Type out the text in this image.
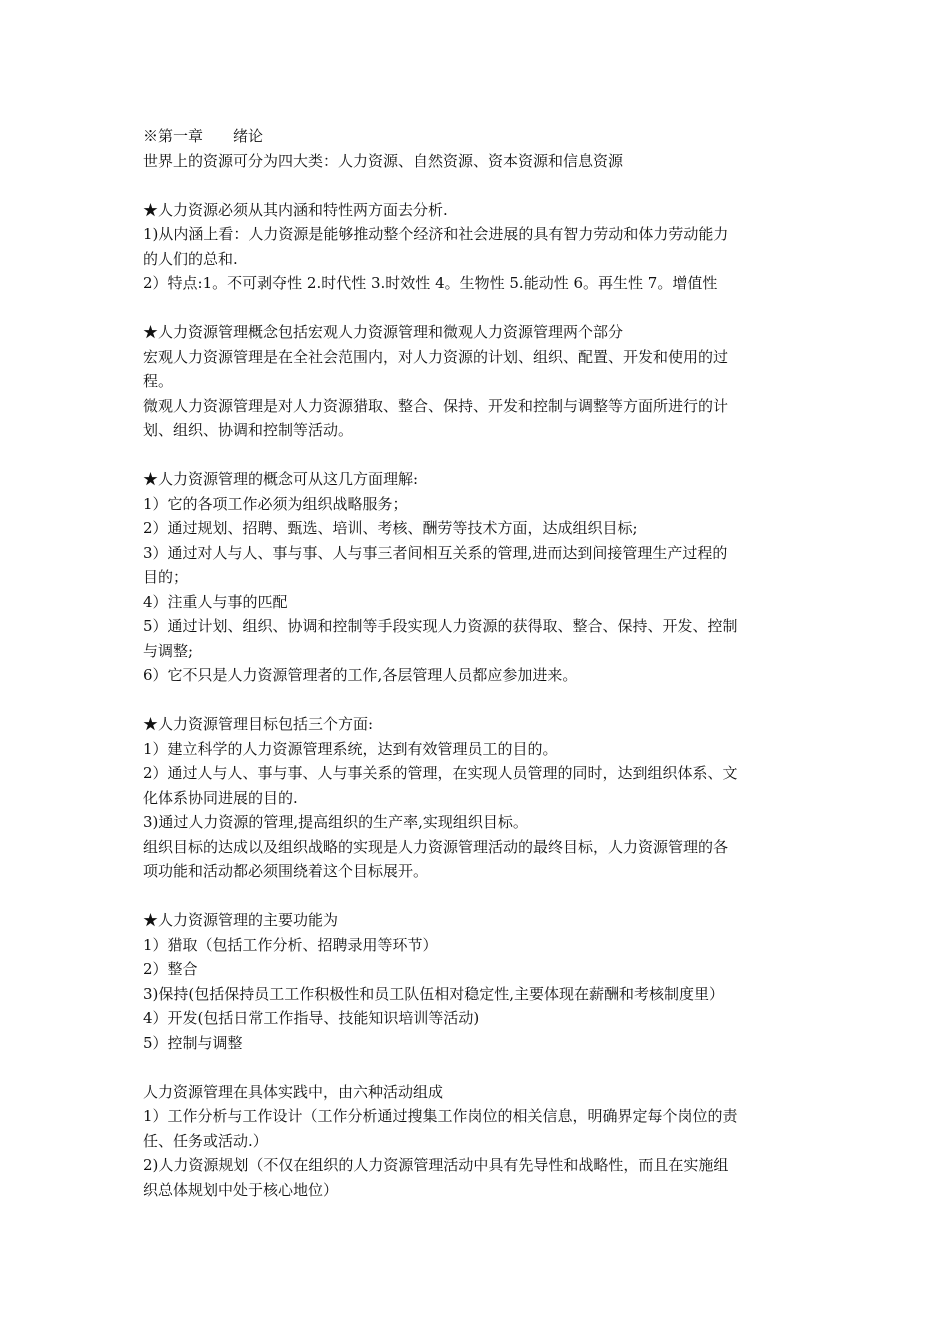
※第一章　　绪论

世界上的资源可分为四大类：人力资源、自然资源、资本资源和信息资源

★人力资源必须从其内涵和特性两方面去分析.

1)从内涵上看：人力资源是能够推动整个经济和社会进展的具有智力劳动和体力劳动能力

的人们的总和.

2）特点:1。不可剥夺性 2.时代性 3.时效性 4。生物性 5.能动性 6。再生性 7。增值性

★人力资源管理概念包括宏观人力资源管理和微观人力资源管理两个部分

宏观人力资源管理是在全社会范围内，对人力资源的计划、组织、配置、开发和使用的过

程。

微观人力资源管理是对人力资源猎取、整合、保持、开发和控制与调整等方面所进行的计

划、组织、协调和控制等活动。

★人力资源管理的概念可从这几方面理解:

1）它的各项工作必须为组织战略服务；

2）通过规划、招聘、甄选、培训、考核、酬劳等技术方面，达成组织目标;

3）通过对人与人、事与事、人与事三者间相互关系的管理,进而达到间接管理生产过程的

目的；

4）注重人与事的匹配

5）通过计划、组织、协调和控制等手段实现人力资源的获得取、整合、保持、开发、控制

与调整;

6）它不只是人力资源管理者的工作,各层管理人员都应参加进来。

★人力资源管理目标包括三个方面:

1）建立科学的人力资源管理系统，达到有效管理员工的目的。

2）通过人与人、事与事、人与事关系的管理，在实现人员管理的同时，达到组织体系、文

化体系协同进展的目的.

3)通过人力资源的管理,提高组织的生产率,实现组织目标。

组织目标的达成以及组织战略的实现是人力资源管理活动的最终目标，人力资源管理的各

项功能和活动都必须围绕着这个目标展开。

★人力资源管理的主要功能为

1）猎取（包括工作分析、招聘录用等环节）

2）整合

3)保持(包括保持员工工作积极性和员工队伍相对稳定性,主要体现在薪酬和考核制度里）

4）开发(包括日常工作指导、技能知识培训等活动)

5）控制与调整

人力资源管理在具体实践中，由六种活动组成

1）工作分析与工作设计（工作分析通过搜集工作岗位的相关信息，明确界定每个岗位的责

任、任务或活动.）

2)人力资源规划（不仅在组织的人力资源管理活动中具有先导性和战略性，而且在实施组

织总体规划中处于核心地位）
